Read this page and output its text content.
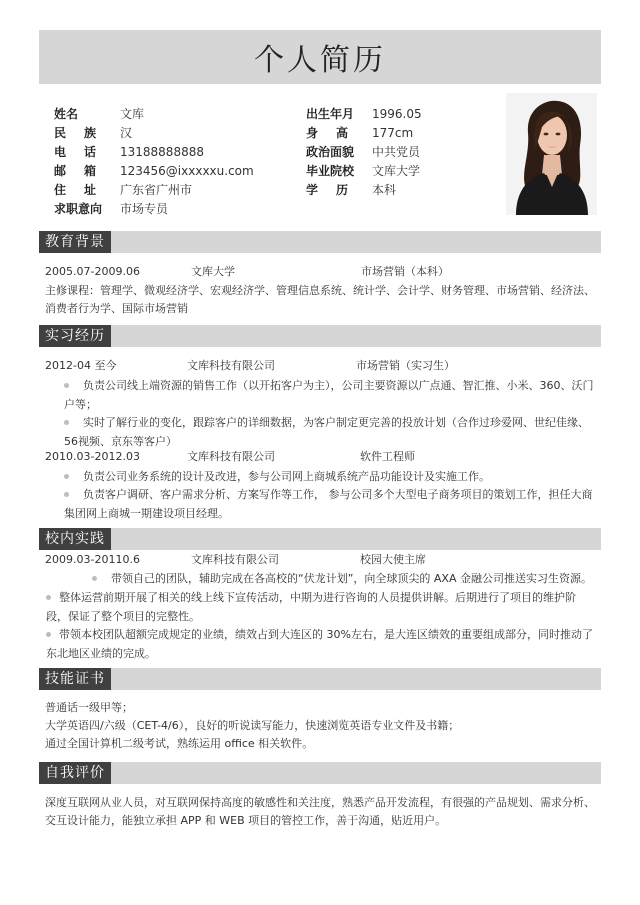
个人简历
姓名	文库
民族 汉
电话 13188888888
邮箱 123456@ixxxxxu.com
住址 广东省广州市
求职意向	市场专员
出生年月	1996.05
身高 177cm
政治面貌	中共党员
毕业院校	文库大学
学历 本科
教育背景
2005.07-2009.06	文库大学	市场营销（本科）
主修课程：管理学、微观经济学、宏观经济学、管理信息系统、统计学、会计学、财务管理、市场营销、经济法、消费者行为学、国际市场营销
实习经历
2012-04 至今	文库科技有限公司	市场营销（实习生）
负责公司线上端资源的销售工作（以开拓客户为主），公司主要资源以广点通、智汇推、小米、360、沃门户等；
实时了解行业的变化，跟踪客户的详细数据，为客户制定更完善的投放计划（合作过珍爱网、世纪佳缘、56视频、京东等客户）
2010.03-2012.03	文库科技有限公司	软件工程师
负责公司业务系统的设计及改进，参与公司网上商城系统产品功能设计及实施工作。
负责客户调研、客户需求分析、方案写作等工作， 参与公司多个大型电子商务项目的策划工作，担任大商集团网上商城一期建设项目经理。
校内实践
2009.03-20110.6	文库科技有限公司	校园大使主席
带领自己的团队，辅助完成在各高校的“伏龙计划”，向全球顶尖的 AXA 金融公司推送实习生资源。
整体运营前期开展了相关的线上线下宣传活动，中期为进行咨询的人员提供讲解。后期进行了项目的维护阶段，保证了整个项目的完整性。
带领本校团队超额完成规定的业绩，绩效占到大连区的 30%左右，是大连区绩效的重要组成部分，同时推动了东北地区业绩的完成。
技能证书
普通话一级甲等；
大学英语四/六级（CET-4/6），良好的听说读写能力，快速浏览英语专业文件及书籍；
通过全国计算机二级考试，熟练运用 office 相关软件。
自我评价
深度互联网从业人员，对互联网保持高度的敏感性和关注度，熟悉产品开发流程，有很强的产品规划、需求分析、交互设计能力，能独立承担 APP 和 WEB 项目的管控工作，善于沟通，贴近用户。
